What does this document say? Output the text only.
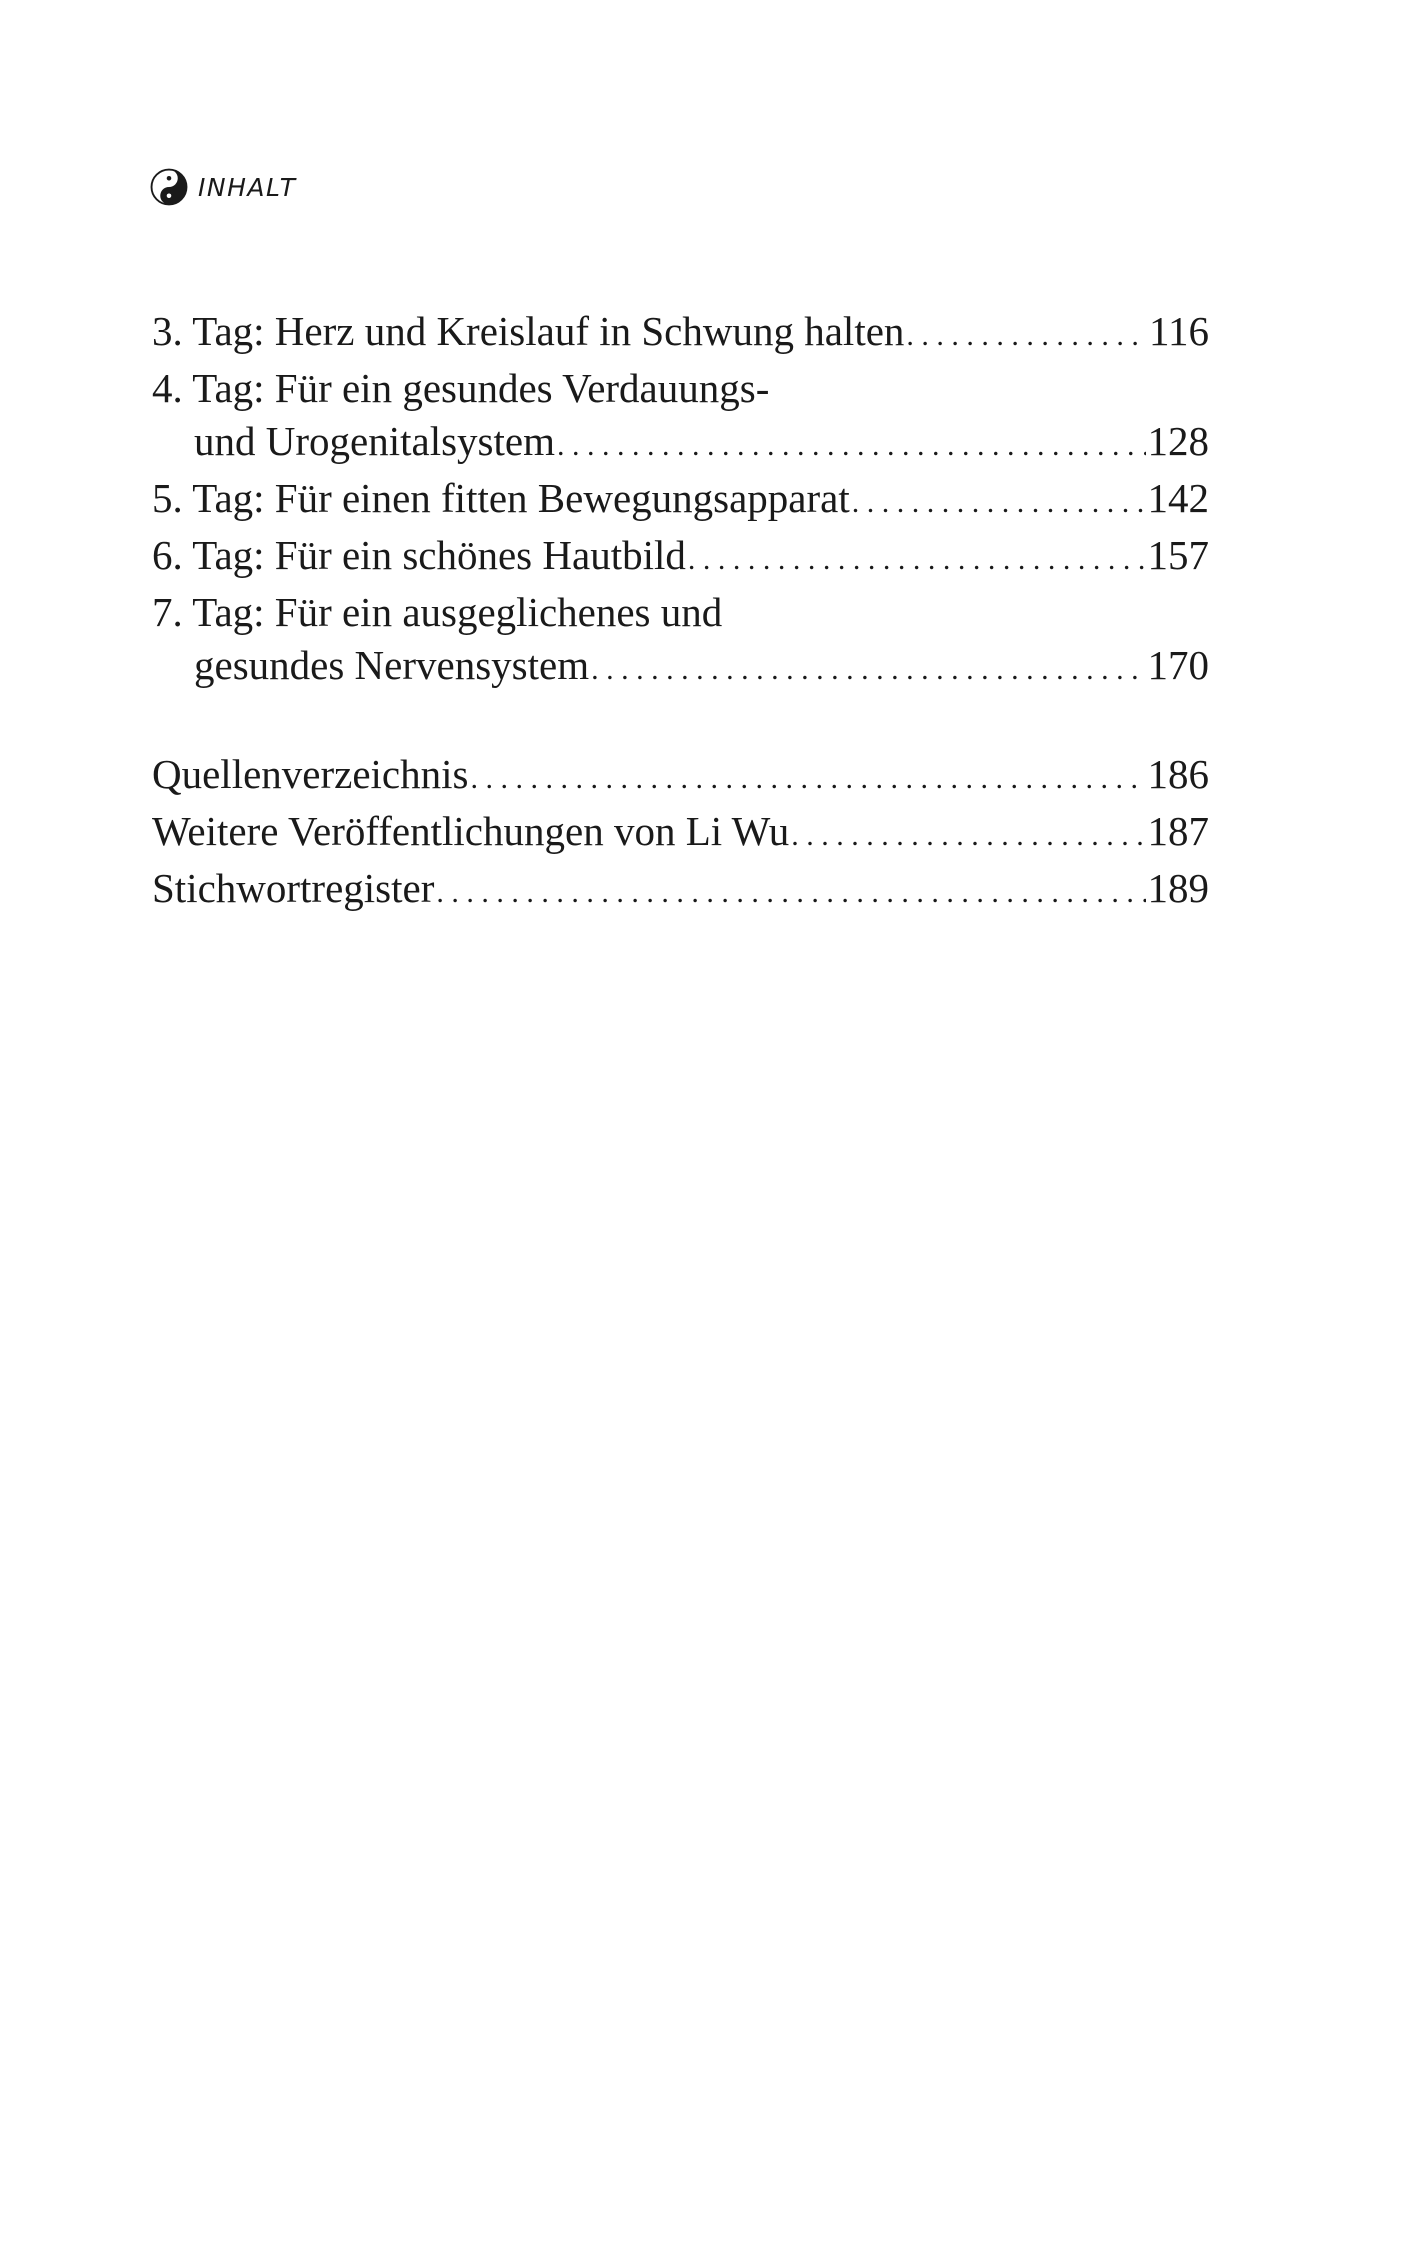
INHALT
3. Tag: Herz und Kreislauf in Schwung halten . . .	116
4. Tag: Für ein gesundes Verdauungs-
und Urogenitalsystem . . .	128
5. Tag: Für einen fitten Bewegungsapparat . . .	142
6. Tag: Für ein schönes Hautbild . . .	157
7. Tag: Für ein ausgeglichenes und
gesundes Nervensystem . . .	170
Quellenverzeichnis . . .	186
Weitere Veröffentlichungen von Li Wu . . .	187
Stichwortregister . . .	189
